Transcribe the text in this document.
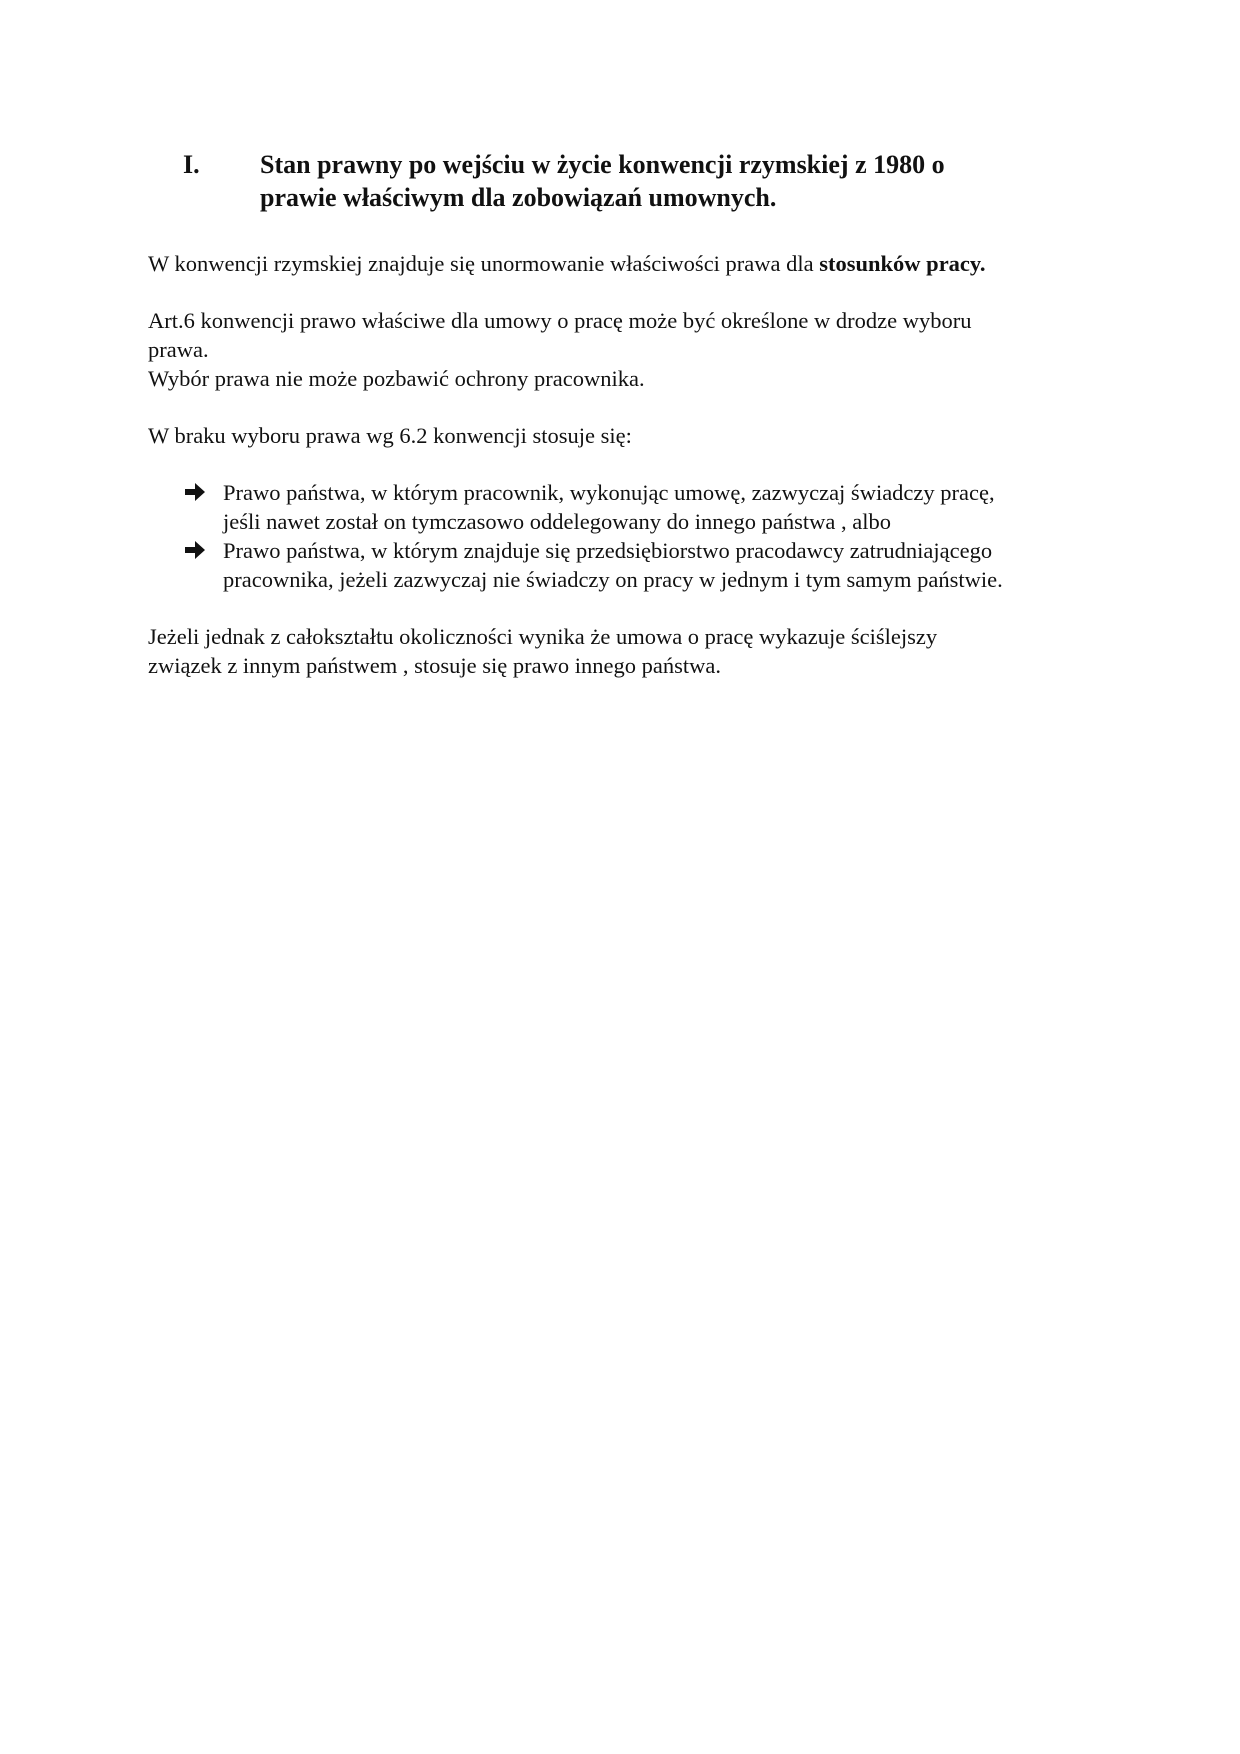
I. Stan prawny po wejściu w życie konwencji rzymskiej z 1980 o
prawie właściwym dla zobowiązań umownych.
W konwencji rzymskiej znajduje się unormowanie właściwości prawa dla stosunków pracy.
Art.6 konwencji prawo właściwe dla umowy o pracę może być określone w drodze wyboru
prawa.
Wybór prawa nie może pozbawić ochrony pracownika.
W braku wyboru prawa wg 6.2 konwencji stosuje się:
Prawo państwa, w którym pracownik, wykonując umowę, zazwyczaj świadczy pracę,
jeśli nawet został on tymczasowo oddelegowany do innego państwa , albo
Prawo państwa, w którym znajduje się przedsiębiorstwo pracodawcy zatrudniającego
pracownika, jeżeli zazwyczaj nie świadczy on pracy w jednym i tym samym państwie.
Jeżeli jednak z całokształtu okoliczności wynika że umowa o pracę wykazuje ściślejszy
związek z innym państwem , stosuje się prawo innego państwa.
